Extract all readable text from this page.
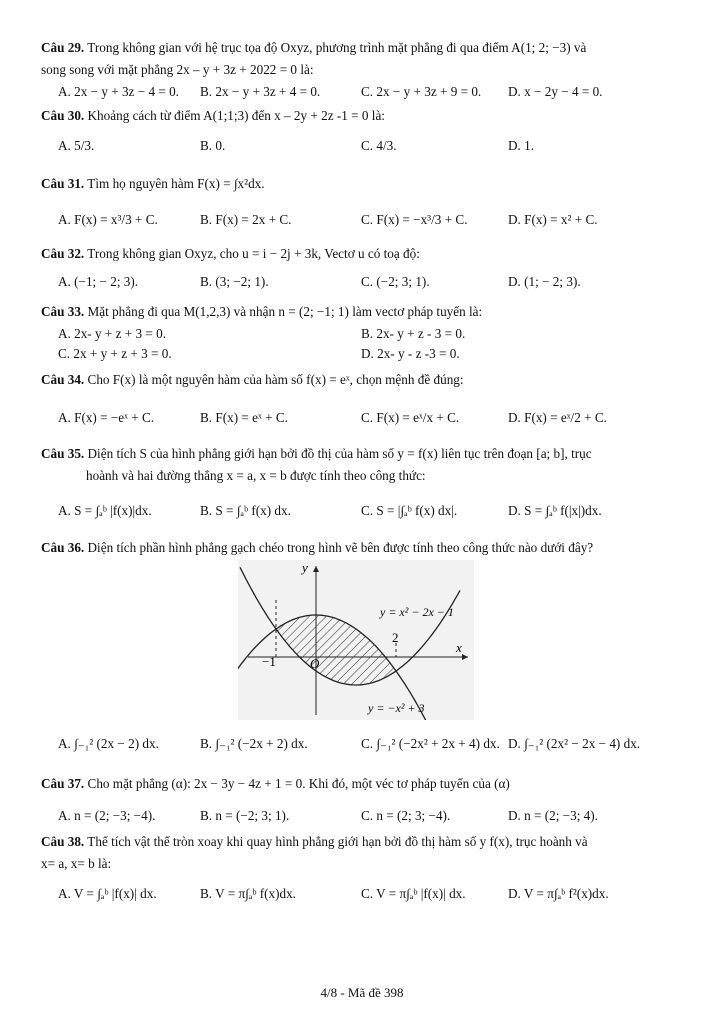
Câu 29. Trong không gian với hệ trục tọa độ Oxyz, phương trình mặt phẳng đi qua điểm A(1; 2; −3) và
song song với mặt phẳng 2x – y + 3z + 2022 = 0 là:
A. 2x − y + 3z − 4 = 0. B. 2x − y + 3z + 4 = 0.	C. 2x − y + 3z + 9 = 0. D. x − 2y − 4 = 0.
Câu 30. Khoảng cách từ điểm A(1;1;3) đến x – 2y + 2z -1 = 0 là:
A. 5/3.	B. 0.	C. 4/3.	D. 1.
Câu 31. Tìm họ nguyên hàm F(x) = ∫x²dx.
A. F(x) = x³/3 + C.	B. F(x) = 2x + C.	C. F(x) = −x³/3 + C.	D. F(x) = x² + C.
Câu 32. Trong không gian Oxyz, cho u = i − 2j + 3k, Vectơ u có toạ độ:
A. (−1; − 2; 3).	B. (3; −2; 1).	C. (−2; 3; 1).	D. (1; − 2; 3).
Câu 33. Mặt phẳng đi qua M(1,2,3) và nhận n = (2; −1; 1) làm vectơ pháp tuyến là:
A. 2x- y + z + 3 = 0.	B. 2x- y + z - 3 = 0.
C. 2x + y + z + 3 = 0.	D. 2x- y - z -3 = 0.
Câu 34. Cho F(x) là một nguyên hàm của hàm số f(x) = eˣ, chọn mệnh đề đúng:
A. F(x) = −eˣ + C.	B. F(x) = eˣ + C.	C. F(x) = eˣ/x + C.	D. F(x) = eˣ/2 + C.
Câu 35. Diện tích S của hình phẳng giới hạn bởi đồ thị của hàm số y = f(x) liên tục trên đoạn [a; b], trục
hoành và hai đường thẳng x = a, x = b được tính theo công thức:
A. S = ∫ₐᵇ |f(x)|dx.	B. S = ∫ₐᵇ f(x) dx.	C. S = |∫ₐᵇ f(x) dx|.	D. S = ∫ₐᵇ f(|x|)dx.
Câu 36. Diện tích phần hình phẳng gạch chéo trong hình vẽ bên được tính theo công thức nào dưới đây?
−1	O
2
x
y
y = x² − 2x − 1
y = −x² + 3
A. ∫₋₁² (2x − 2) dx.	B. ∫₋₁² (−2x + 2) dx.	C. ∫₋₁² (−2x² + 2x + 4) dx. D. ∫₋₁² (2x² − 2x − 4) dx.
Câu 37. Cho mặt phẳng (α): 2x − 3y − 4z + 1 = 0. Khi đó, một véc tơ pháp tuyến của (α)
A. n = (2; −3; −4).	B. n = (−2; 3; 1).	C. n = (2; 3; −4).	D. n = (2; −3; 4).
Câu 38. Thể tích vật thể tròn xoay khi quay hình phẳng giới hạn bởi đồ thị hàm số y f(x), trục hoành và
x= a, x= b là:
A. V = ∫ₐᵇ |f(x)| dx.	B. V = π∫ₐᵇ f(x)dx.	C. V = π∫ₐᵇ |f(x)| dx.	D. V = π∫ₐᵇ f²(x)dx.
4/8 - Mã đề 398
